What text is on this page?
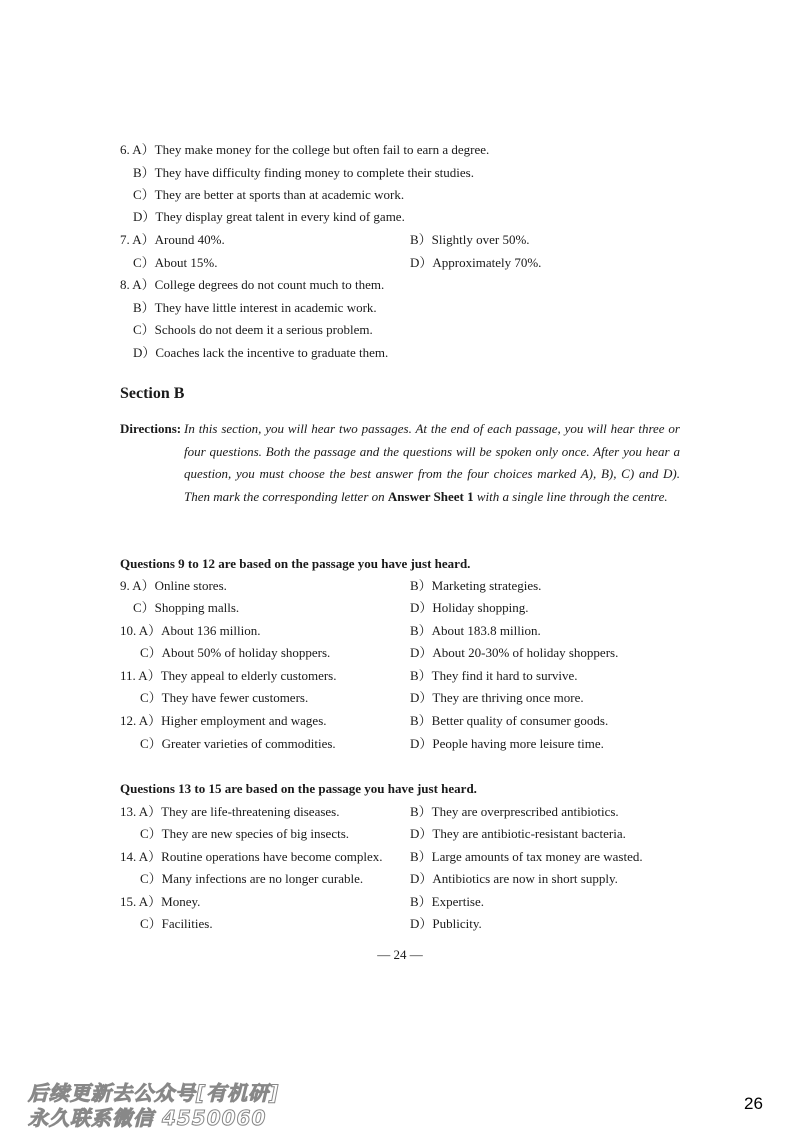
6. A）They make money for the college but often fail to earn a degree.
B）They have difficulty finding money to complete their studies.
C）They are better at sports than at academic work.
D）They display great talent in every kind of game.
7. A）Around 40%.	B）Slightly over 50%.
C）About 15%.	D）Approximately 70%.
8. A）College degrees do not count much to them.
B）They have little interest in academic work.
C）Schools do not deem it a serious problem.
D）Coaches lack the incentive to graduate them.
Section B
Directions: In this section, you will hear two passages. At the end of each passage, you will hear three or four questions. Both the passage and the questions will be spoken only once. After you hear a question, you must choose the best answer from the four choices marked A), B), C) and D). Then mark the corresponding letter on Answer Sheet 1 with a single line through the centre.
Questions 9 to 12 are based on the passage you have just heard.
9. A）Online stores.	B）Marketing strategies.
C）Shopping malls.	D）Holiday shopping.
10. A）About 136 million.	B）About 183.8 million.
C）About 50% of holiday shoppers.	D）About 20-30% of holiday shoppers.
11. A）They appeal to elderly customers.	B）They find it hard to survive.
C）They have fewer customers.	D）They are thriving once more.
12. A）Higher employment and wages.	B）Better quality of consumer goods.
C）Greater varieties of commodities.	D）People having more leisure time.
Questions 13 to 15 are based on the passage you have just heard.
13. A）They are life-threatening diseases.	B）They are overprescribed antibiotics.
C）They are new species of big insects.	D）They are antibiotic-resistant bacteria.
14. A）Routine operations have become complex. B）Large amounts of tax money are wasted.
C）Many infections are no longer curable.	D）Antibiotics are now in short supply.
15. A）Money.	B）Expertise.
C）Facilities.	D）Publicity.
— 24 —
26
后续更新去公众号[有机研]
永久联系微信 4550060
